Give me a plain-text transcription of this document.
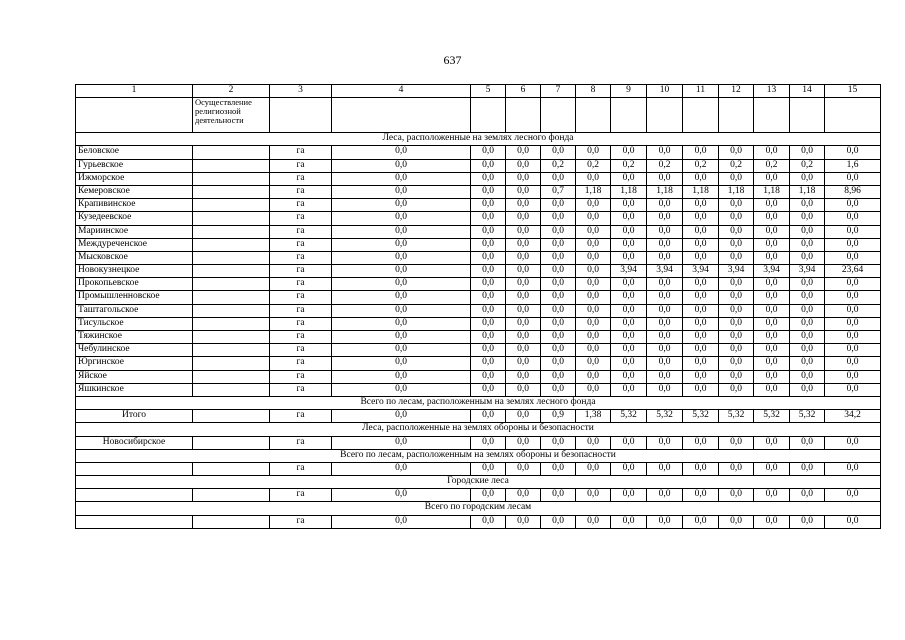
637
1	2	3	4	5	6	7	8	9	10	11	12	13	14	15
	Осуществление религиозной деятельности													
Леса, расположенные на землях лесного фонда														
Беловское		га	0,0	0,0	0,0	0,0	0,0	0,0	0,0	0,0	0,0	0,0	0,0	0,0
Гурьевское		га	0,0	0,0	0,0	0,2	0,2	0,2	0,2	0,2	0,2	0,2	0,2	1,6
Ижморское		га	0,0	0,0	0,0	0,0	0,0	0,0	0,0	0,0	0,0	0,0	0,0	0,0
Кемеровское		га	0,0	0,0	0,0	0,7	1,18	1,18	1,18	1,18	1,18	1,18	1,18	8,96
Крапивинское		га	0,0	0,0	0,0	0,0	0,0	0,0	0,0	0,0	0,0	0,0	0,0	0,0
Кузедеевское		га	0,0	0,0	0,0	0,0	0,0	0,0	0,0	0,0	0,0	0,0	0,0	0,0
Мариинское		га	0,0	0,0	0,0	0,0	0,0	0,0	0,0	0,0	0,0	0,0	0,0	0,0
Междуреченское		га	0,0	0,0	0,0	0,0	0,0	0,0	0,0	0,0	0,0	0,0	0,0	0,0
Мысковское		га	0,0	0,0	0,0	0,0	0,0	0,0	0,0	0,0	0,0	0,0	0,0	0,0
Новокузнецкое		га	0,0	0,0	0,0	0,0	0,0	3,94	3,94	3,94	3,94	3,94	3,94	23,64
Прокопьевское		га	0,0	0,0	0,0	0,0	0,0	0,0	0,0	0,0	0,0	0,0	0,0	0,0
Промышленновское		га	0,0	0,0	0,0	0,0	0,0	0,0	0,0	0,0	0,0	0,0	0,0	0,0
Таштагольское		га	0,0	0,0	0,0	0,0	0,0	0,0	0,0	0,0	0,0	0,0	0,0	0,0
Тисульское		га	0,0	0,0	0,0	0,0	0,0	0,0	0,0	0,0	0,0	0,0	0,0	0,0
Тяжинское		га	0,0	0,0	0,0	0,0	0,0	0,0	0,0	0,0	0,0	0,0	0,0	0,0
Чебулинское		га	0,0	0,0	0,0	0,0	0,0	0,0	0,0	0,0	0,0	0,0	0,0	0,0
Юргинское		га	0,0	0,0	0,0	0,0	0,0	0,0	0,0	0,0	0,0	0,0	0,0	0,0
Яйское		га	0,0	0,0	0,0	0,0	0,0	0,0	0,0	0,0	0,0	0,0	0,0	0,0
Яшкинское		га	0,0	0,0	0,0	0,0	0,0	0,0	0,0	0,0	0,0	0,0	0,0	0,0
Всего по лесам, расположенным на землях лесного фонда														
Итого		га	0,0	0,0	0,0	0,9	1,38	5,32	5,32	5,32	5,32	5,32	5,32	34,2
Леса, расположенные на землях обороны и безопасности														
Новосибирское		га	0,0	0,0	0,0	0,0	0,0	0,0	0,0	0,0	0,0	0,0	0,0	0,0
Всего по лесам, расположенным на землях обороны и безопасности														
		га	0,0	0,0	0,0	0,0	0,0	0,0	0,0	0,0	0,0	0,0	0,0	0,0
Городские леса														
		га	0,0	0,0	0,0	0,0	0,0	0,0	0,0	0,0	0,0	0,0	0,0	0,0
Всего по городским лесам														
		га	0,0	0,0	0,0	0,0	0,0	0,0	0,0	0,0	0,0	0,0	0,0	0,0
